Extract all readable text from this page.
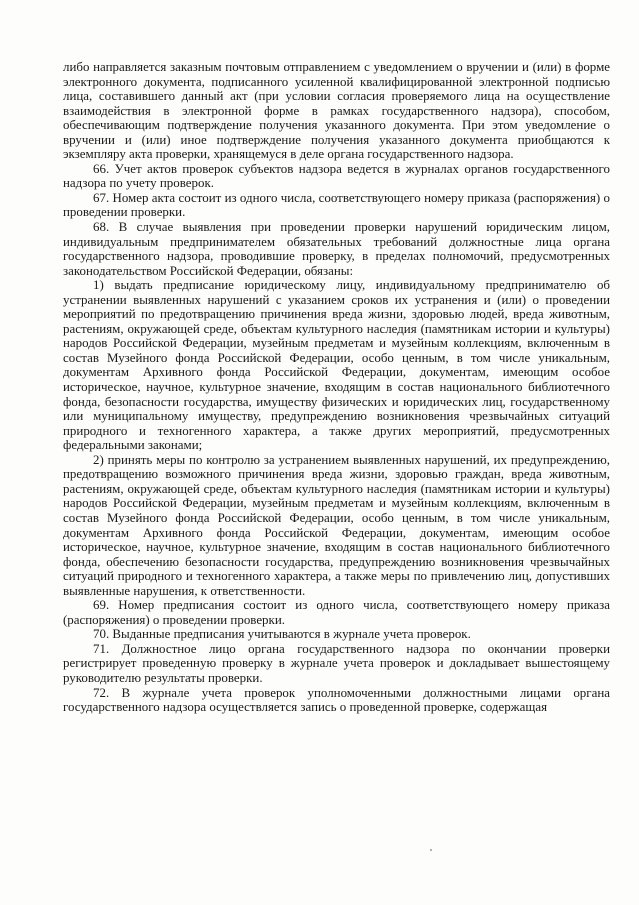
либо направляется заказным почтовым отправлением с уведомлением о вручении и (или) в форме электронного документа, подписанного усиленной квалифицированной электронной подписью лица, составившего данный акт (при условии согласия проверяемого лица на осуществление взаимодействия в электронной форме в рамках государственного надзора), способом, обеспечивающим подтверждение получения указанного документа. При этом уведомление о вручении и (или) иное подтверждение получения указанного документа приобщаются к экземпляру акта проверки, хранящемуся в деле органа государственного надзора.

66. Учет актов проверок субъектов надзора ведется в журналах органов государственного надзора по учету проверок.

67. Номер акта состоит из одного числа, соответствующего номеру приказа (распоряжения) о проведении проверки.

68. В случае выявления при проведении проверки нарушений юридическим лицом, индивидуальным предпринимателем обязательных требований должностные лица органа государственного надзора, проводившие проверку, в пределах полномочий, предусмотренных законодательством Российской Федерации, обязаны:

1) выдать предписание юридическому лицу, индивидуальному предпринимателю об устранении выявленных нарушений с указанием сроков их устранения и (или) о проведении мероприятий по предотвращению причинения вреда жизни, здоровью людей, вреда животным, растениям, окружающей среде, объектам культурного наследия (памятникам истории и культуры) народов Российской Федерации, музейным предметам и музейным коллекциям, включенным в состав Музейного фонда Российской Федерации, особо ценным, в том числе уникальным, документам Архивного фонда Российской Федерации, документам, имеющим особое историческое, научное, культурное значение, входящим в состав национального библиотечного фонда, безопасности государства, имуществу физических и юридических лиц, государственному или муниципальному имуществу, предупреждению возникновения чрезвычайных ситуаций природного и техногенного характера, а также других мероприятий, предусмотренных федеральными законами;

2) принять меры по контролю за устранением выявленных нарушений, их предупреждению, предотвращению возможного причинения вреда жизни, здоровью граждан, вреда животным, растениям, окружающей среде, объектам культурного наследия (памятникам истории и культуры) народов Российской Федерации, музейным предметам и музейным коллекциям, включенным в состав Музейного фонда Российской Федерации, особо ценным, в том числе уникальным, документам Архивного фонда Российской Федерации, документам, имеющим особое историческое, научное, культурное значение, входящим в состав национального библиотечного фонда, обеспечению безопасности государства, предупреждению возникновения чрезвычайных ситуаций природного и техногенного характера, а также меры по привлечению лиц, допустивших выявленные нарушения, к ответственности.

69. Номер предписания состоит из одного числа, соответствующего номеру приказа (распоряжения) о проведении проверки.

70. Выданные предписания учитываются в журнале учета проверок.

71. Должностное лицо органа государственного надзора по окончании проверки регистрирует проведенную проверку в журнале учета проверок и докладывает вышестоящему руководителю результаты проверки.

72. В журнале учета проверок уполномоченными должностными лицами органа государственного надзора осуществляется запись о проведенной проверке, содержащая
